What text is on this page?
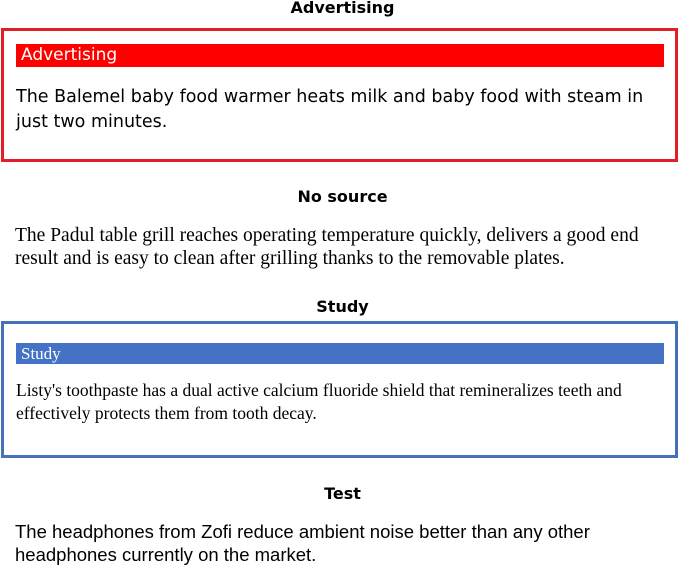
Advertising
Advertising
The Balemel baby food warmer heats milk and baby food with steam in just two minutes.
No source
The Padul table grill reaches operating temperature quickly, delivers a good end result and is easy to clean after grilling thanks to the removable plates.
Study
Study
Listy's toothpaste has a dual active calcium fluoride shield that remineralizes teeth and effectively protects them from tooth decay.
Test
The headphones from Zofi reduce ambient noise better than any other headphones currently on the market.
